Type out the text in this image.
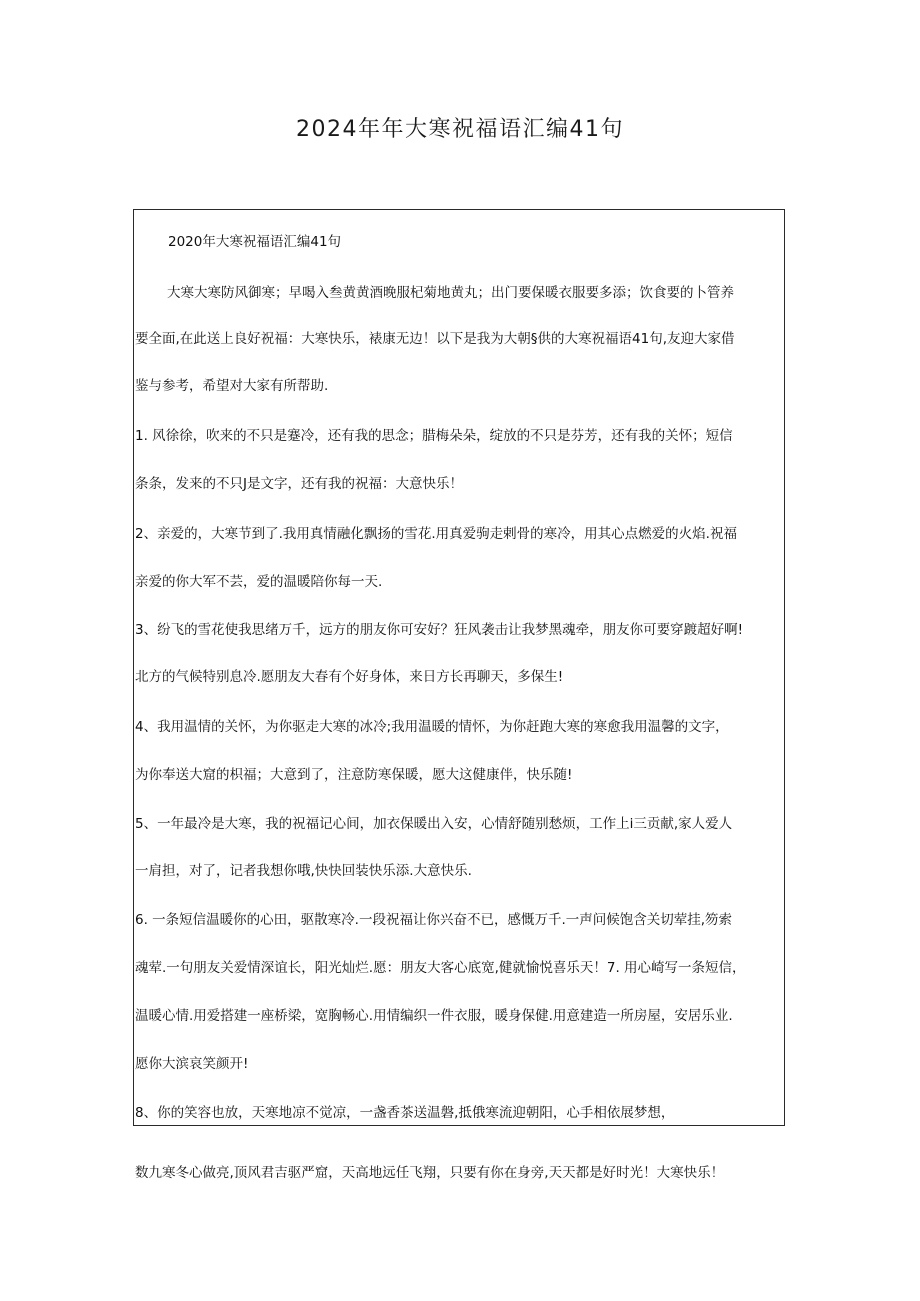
2024年年大寒祝福语汇编41句
2020年大寒祝福语汇编41句
大寒大寒防风御寒；早喝入叁黄黄酒晚服杞菊地黄丸；出门要保暖衣服要多添；饮食要的卜管养
要全面,在此送上良好祝福：大寒快乐，裱康无边！以下是我为大朝§供的大寒祝福语41句,友迎大家借
鉴与参考，希望对大家有所帮助.
1. 风徐徐，吹来的不只是蹇冷，还有我的思念；腊梅朵朵，绽放的不只是芬芳，还有我的关怀；短信
条条，发来的不只J是文字，还有我的祝福：大意快乐！
2、亲爱的，大寒节到了.我用真情融化飘扬的雪花.用真爱驹走剌骨的寒冷，用其心点燃爱的火焰.祝福
亲爱的你大军不芸，爱的温暖陪你每一天.
3、纷飞的雪花使我思绪万千，远方的朋友你可安好？狂风袭击让我梦黑魂牵，朋友你可要穿踱超好啊!
北方的气候特别息冷.愿朋友大春有个好身体，来日方长再聊天，多保生!
4、我用温情的关怀，为你驱走大寒的冰冷;我用温暖的情怀，为你赶跑大寒的寒愈我用温馨的文字，
为你奉送大窟的枳福；大意到了，注意防寒保暖，愿大这健康伴，快乐随!
5、一年最冷是大寒，我的祝福记心间，加衣保暖出入安，心情舒随别愁烦，工作上i三贡献,家人爱人
一肩担，对了，记者我想你哦,快快回装快乐添.大意快乐.
6. 一条短信温暖你的心田，驱散寒冷.一段祝福让你兴奋不已，感慨万千.一声问候饱含关切荤挂,笏索
魂荤.一句朋友关爱情深谊长，阳光灿烂.愿：朋友大客心底宽,健就愉悦喜乐天！7. 用心崎写一条短信，
温暖心情.用爱搭建一座桥梁，宽胸畅心.用情编织一件衣服，暖身保健.用意建造一所房屋，安居乐业.
愿你大滨哀笑颜开!
8、你的笑容也放，天寒地凉不觉凉，一盏香茶送温磐,抵俄寒流迎朝阳，心手相依展梦想，
数九寒冬心做亮,顶风君吉驱严窟，天高地远任飞翔，只要有你在身旁,天天都是好时光！大寒快乐！
